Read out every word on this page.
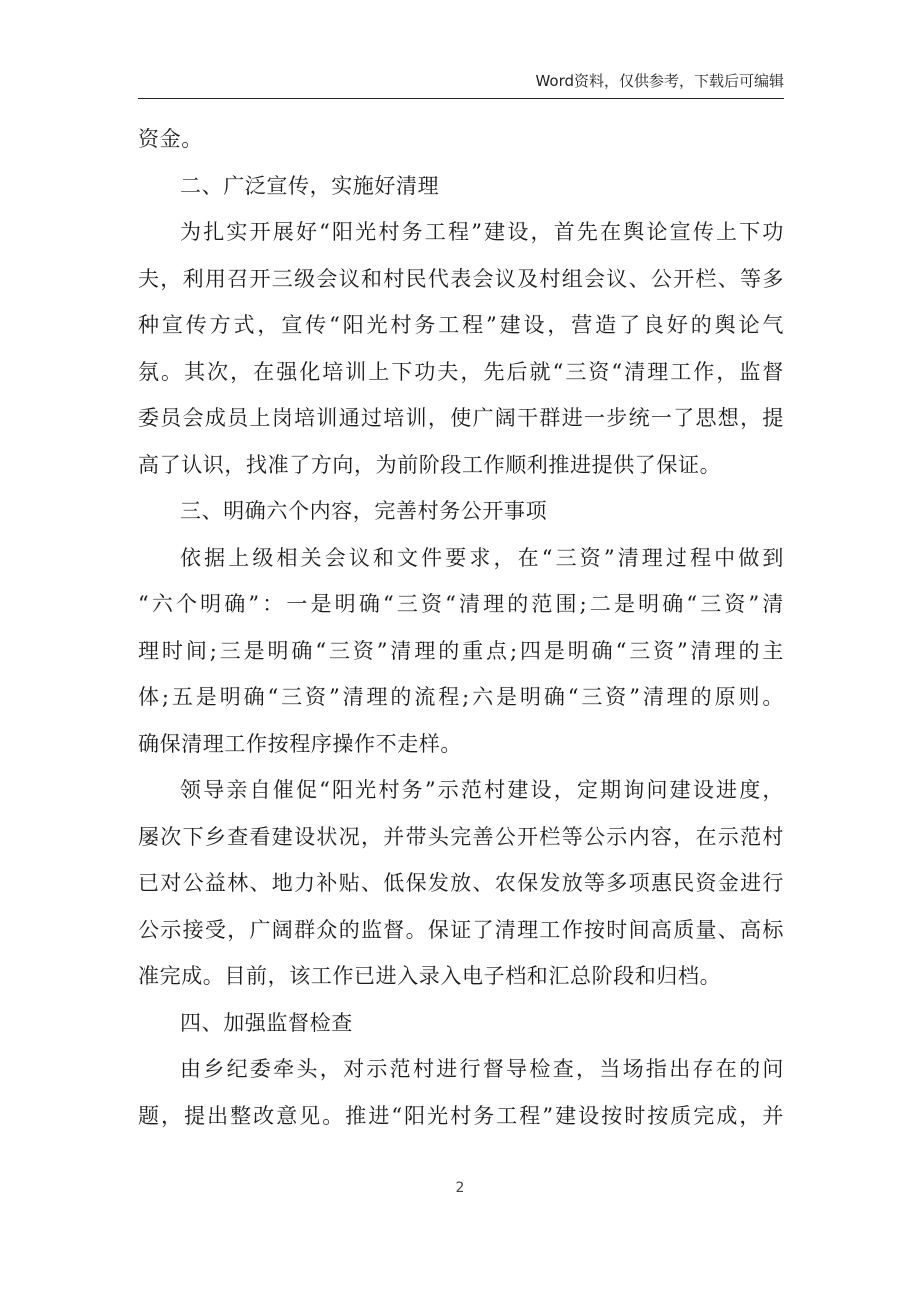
Word资料，仅供参考，下载后可编辑
资金。
二、广泛宣传，实施好清理
为扎实开展好“阳光村务工程”建设，首先在舆论宣传上下功
夫，利用召开三级会议和村民代表会议及村组会议、公开栏、等多
种宣传方式，宣传“阳光村务工程”建设，营造了良好的舆论气
氛。其次，在强化培训上下功夫，先后就“三资“清理工作，监督
委员会成员上岗培训通过培训，使广阔干群进一步统一了思想，提
高了认识，找准了方向，为前阶段工作顺利推进提供了保证。
三、明确六个内容，完善村务公开事项
依据上级相关会议和文件要求，在“三资”清理过程中做到
“六个明确”：一是明确“三资“清理的范围;二是明确“三资”清
理时间;三是明确“三资”清理的重点;四是明确“三资”清理的主
体;五是明确“三资”清理的流程;六是明确“三资”清理的原则。
确保清理工作按程序操作不走样。
领导亲自催促“阳光村务”示范村建设，定期询问建设进度，
屡次下乡查看建设状况，并带头完善公开栏等公示内容，在示范村
已对公益林、地力补贴、低保发放、农保发放等多项惠民资金进行
公示接受，广阔群众的监督。保证了清理工作按时间高质量、高标
准完成。目前，该工作已进入录入电子档和汇总阶段和归档。
四、加强监督检查
由乡纪委牵头，对示范村进行督导检查，当场指出存在的问
题，提出整改意见。推进“阳光村务工程”建设按时按质完成，并
2
